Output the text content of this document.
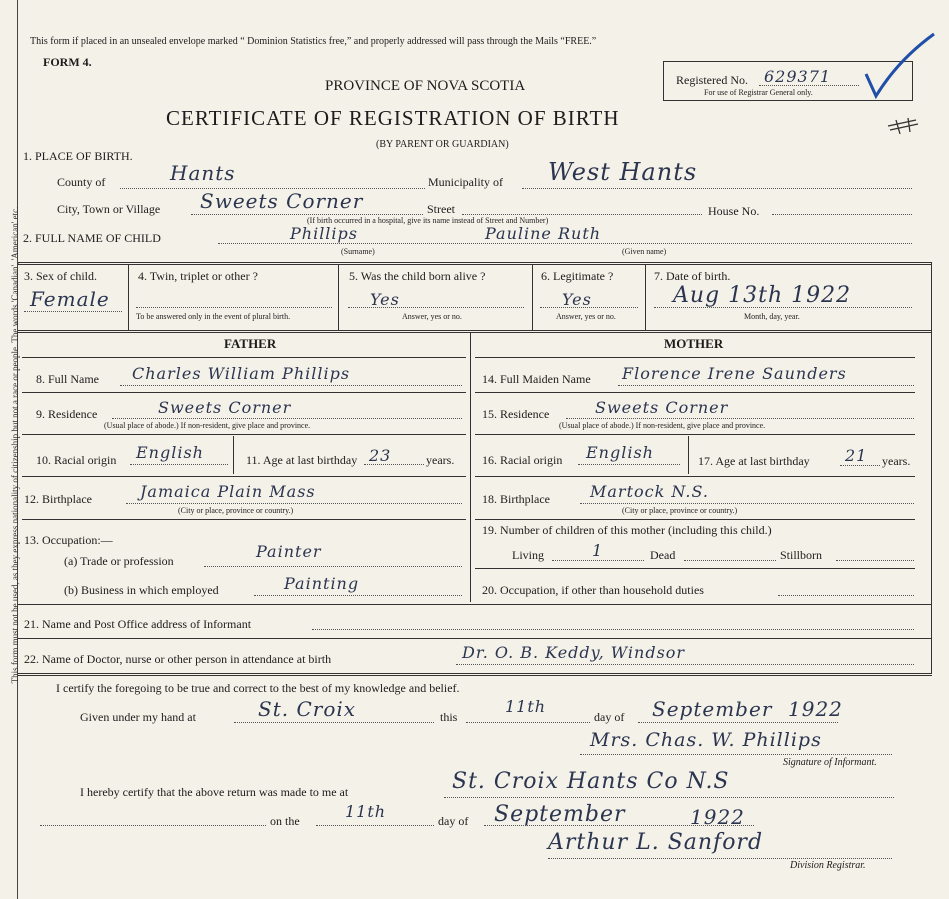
This form must not be used, as they express nationality of citizenship but not a race or people. The words 'Canadian', 'American' etc.
This form if placed in an unsealed envelope marked “ Dominion Statistics free,” and properly addressed will pass through the Mails “FREE.”
FORM 4.
PROVINCE OF NOVA SCOTIA
CERTIFICATE OF REGISTRATION OF BIRTH
(BY PARENT OR GUARDIAN)
Registered No. 629371
For use of Registrar General only.
1. PLACE OF BIRTH.
County of	Hants	Municipality of West Hants
City, Town or Village Sweets Corner	Street	House No.
(If birth occurred in a hospital, give its name instead of Street and Number)
2. FULL NAME OF CHILD	Phillips
(Surname)
Pauline Ruth
(Given name)
3. Sex of child.
Female
4. Twin, triplet or other ?
To be answered only in the event of plural birth.
5. Was the child born alive ?
Yes
Answer, yes or no.
6. Legitimate ?
Yes
Answer, yes or no.
7. Date of birth.
Aug 13th 1922
Month, day, year.
FATHER
8. Full Name Charles William Phillips
9. Residence	Sweets Corner
(Usual place of abode.) If non-resident, give place and province.
10. Racial origin English	11. Age at last birthday 23	years.
12. Birthplace	Jamaica Plain Mass
(City or place, province or country.)
13. Occupation:—
(a) Trade or profession	Painter
(b) Business in which employed	Painting
MOTHER
14. Full Maiden Name Florence Irene Saunders
15. Residence	Sweets Corner
(Usual place of abode.) If non-resident, give place and province.
16. Racial origin English	17. Age at last birthday 21 years.
18. Birthplace	Martock N.S.
(City or place, province or country.)
19. Number of children of this mother (including this child.)
Living	1	Dead	Stillborn
20. Occupation, if other than household duties
21. Name and Post Office address of Informant
22. Name of Doctor, nurse or other person in attendance at birth	Dr. O. B. Keddy, Windsor
I certify the foregoing to be true and correct to the best of my knowledge and belief.
Given under my hand at	St. Croix	this
11th
day of September 1922
Mrs. Chas. W. Phillips
Signature of Informant.
I hereby certify that the above return was made to me at	St. Croix Hants Co N.S
on the	11th	day of September	1922
Arthur L. Sanford
Division Registrar.
